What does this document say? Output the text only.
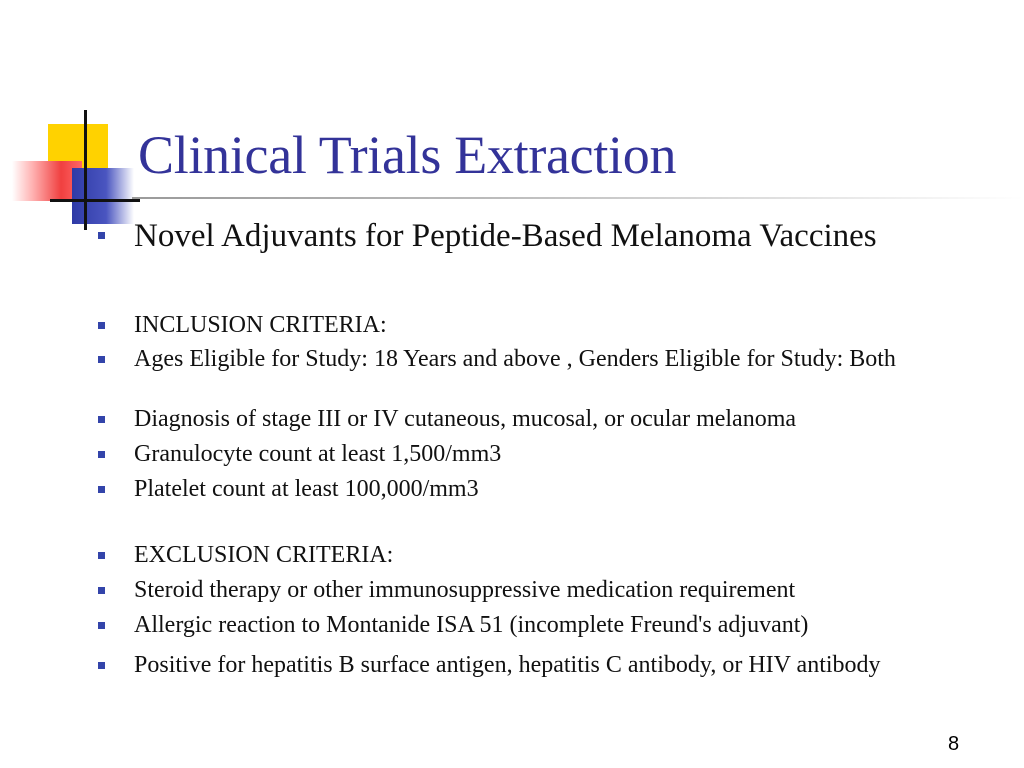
Clinical Trials Extraction
Novel Adjuvants for Peptide-Based Melanoma Vaccines
INCLUSION CRITERIA:
Ages Eligible for Study: 18 Years and above , Genders Eligible for Study: Both
Diagnosis of stage III or IV cutaneous, mucosal, or ocular melanoma
Granulocyte count at least 1,500/mm3
Platelet count at least 100,000/mm3
EXCLUSION CRITERIA:
Steroid therapy or other immunosuppressive medication requirement
Allergic reaction to Montanide ISA 51 (incomplete Freund's adjuvant)
Positive for hepatitis B surface antigen, hepatitis C antibody, or HIV antibody
8
